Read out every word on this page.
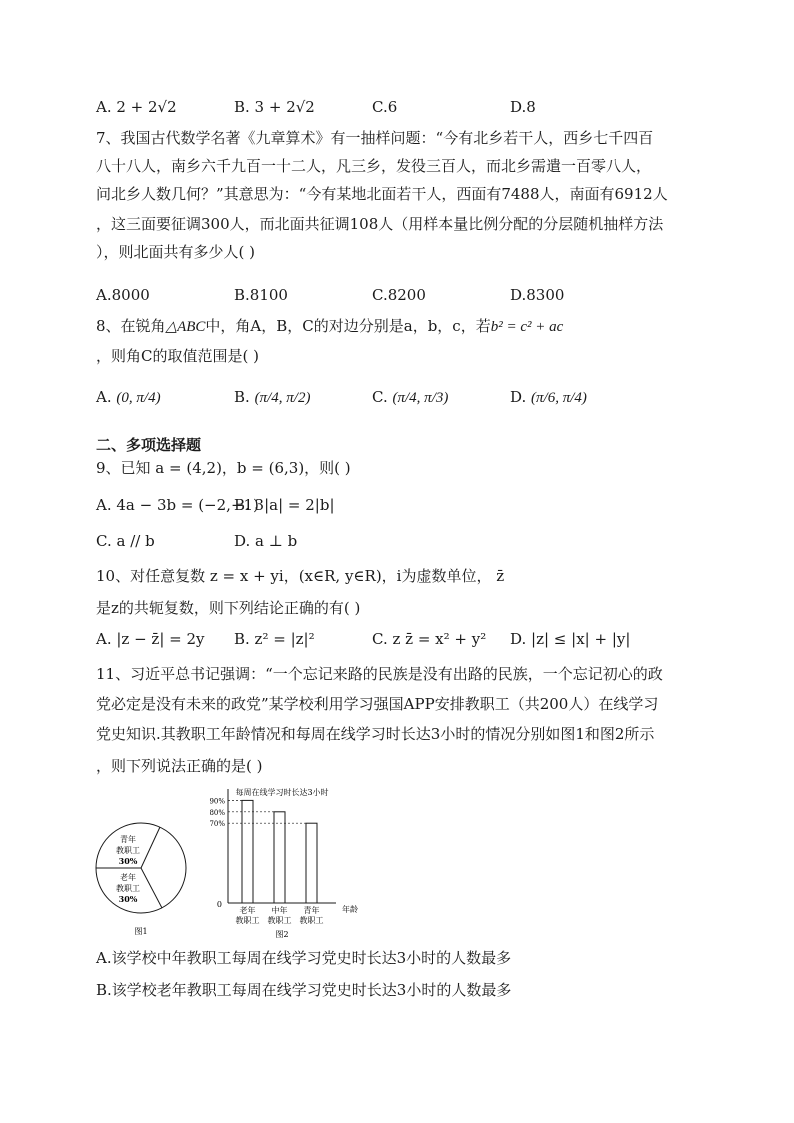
A. 2 + 2√2	B. 3 + 2√2	C.6	D.8
7、我国古代数学名著《九章算术》有一抽样问题：“今有北乡若干人，西乡七千四百
八十八人，南乡六千九百一十二人，凡三乡，发役三百人，而北乡需遣一百零八人，
问北乡人数几何？”其意思为：“今有某地北面若干人，西面有7488人，南面有6912人
，这三面要征调300人，而北面共征调108人（用样本量比例分配的分层随机抽样方法
），则北面共有多少人( )
A.8000	B.8100	C.8200	D.8300
8、在锐角△ABC中，角A，B，C的对边分别是a，b，c，若b² = c² + ac
，则角C的取值范围是( )
A. (0, π/4)	B. (π/4, π/2)	C. (π/4, π/3)	D. (π/6, π/4)
二、多项选择题
9、已知 a = (4,2)，b = (6,3)，则( )
A. 4a − 3b = (−2,−1)
B. 3|a| = 2|b|
C. a // b	D. a ⊥ b
10、对任意复数 z = x + yi，(x∈R, y∈R)，i为虚数单位， z̄
是z的共轭复数，则下列结论正确的有( )
A. |z − z̄| = 2y B. z² = |z|²	C. z z̄ = x² + y² D. |z| ≤ |x| + |y|
11、习近平总书记强调：“一个忘记来路的民族是没有出路的民族，一个忘记初心的政
党必定是没有未来的政党”某学校利用学习强国APP安排教职工（共200人）在线学习
党史知识.其教职工年龄情况和每周在线学习时长达3小时的情况分别如图1和图2所示
，则下列说法正确的是( )
青年
教职工
30%
老年
教职工
30%
图1
每周在线学习时长达3小时
0
年龄
图2
90%
老年
教职工
80%
中年
教职工
70%
青年
教职工
A.该学校中年教职工每周在线学习党史时长达3小时的人数最多
B.该学校老年教职工每周在线学习党史时长达3小时的人数最多
